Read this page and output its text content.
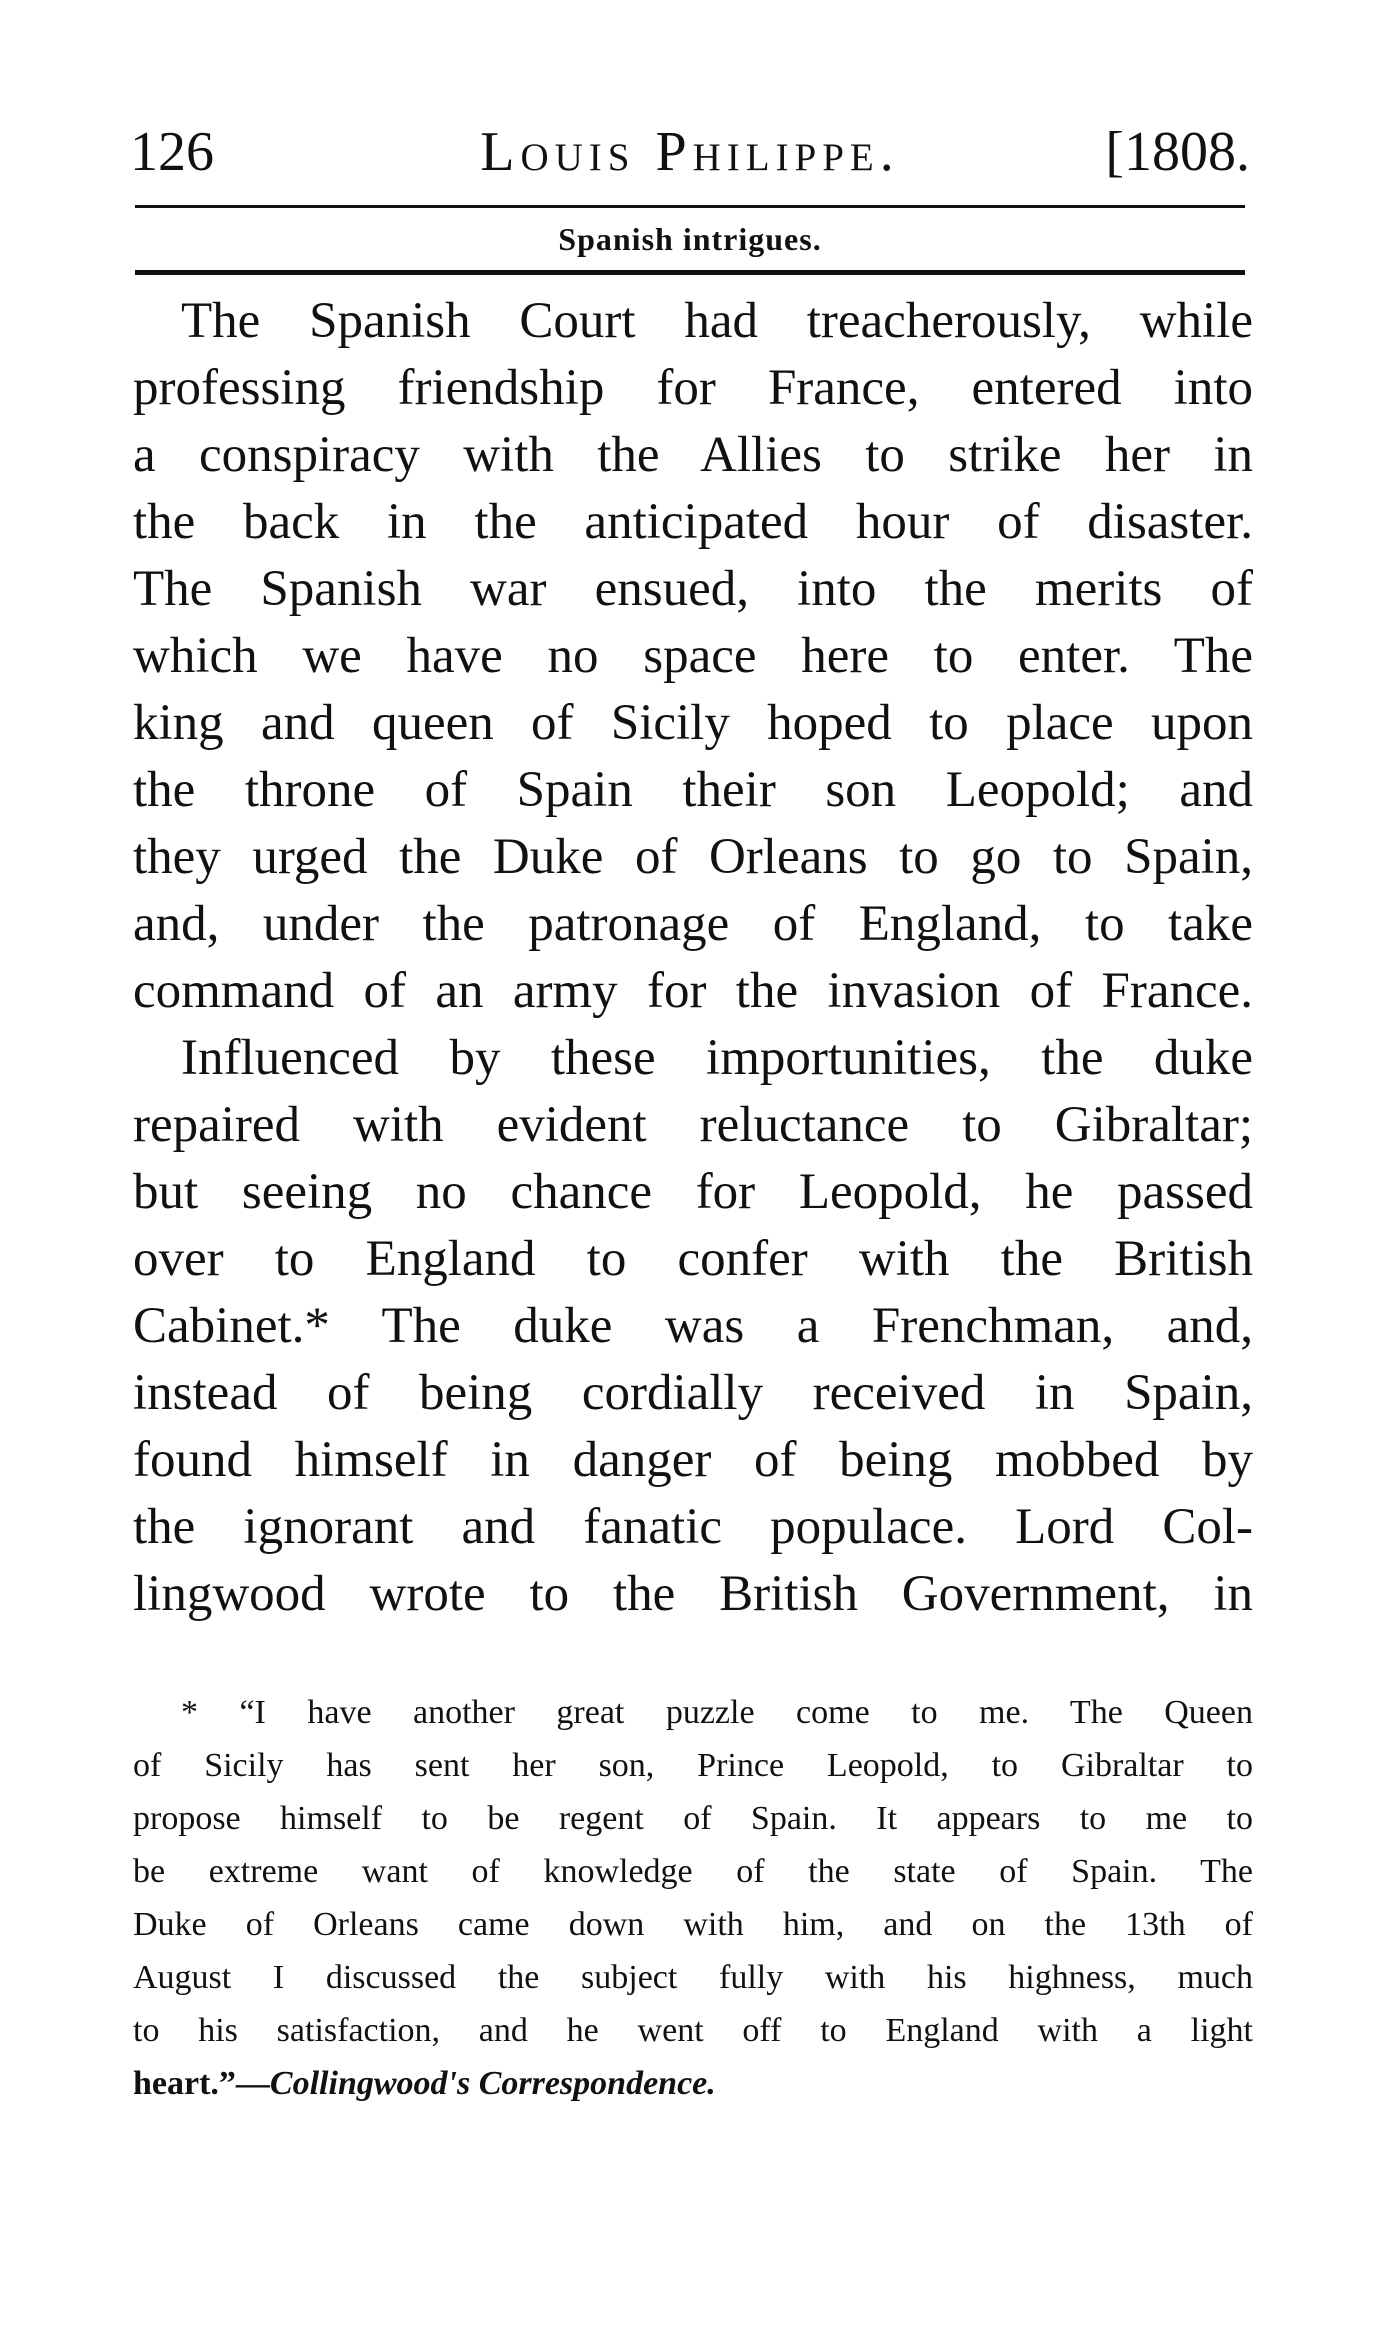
126	Louis Philippe.	[1808.
Spanish intrigues.
The Spanish Court had treacherously, while
professing friendship for France, entered into
a conspiracy with the Allies to strike her in
the back in the anticipated hour of disaster.
The Spanish war ensued, into the merits of
which we have no space here to enter. The
king and queen of Sicily hoped to place upon
the throne of Spain their son Leopold; and
they urged the Duke of Orleans to go to Spain,
and, under the patronage of England, to take
command of an army for the invasion of France.
Influenced by these importunities, the duke
repaired with evident reluctance to Gibraltar;
but seeing no chance for Leopold, he passed
over to England to confer with the British
Cabinet.* The duke was a Frenchman, and,
instead of being cordially received in Spain,
found himself in danger of being mobbed by
the ignorant and fanatic populace. Lord Col-
lingwood wrote to the British Government, in
* “I have another great puzzle come to me. The Queen
of Sicily has sent her son, Prince Leopold, to Gibraltar to
propose himself to be regent of Spain. It appears to me to
be extreme want of knowledge of the state of Spain. The
Duke of Orleans came down with him, and on the 13th of
August I discussed the subject fully with his highness, much
to his satisfaction, and he went off to England with a light
heart.”—Collingwood's Correspondence.
